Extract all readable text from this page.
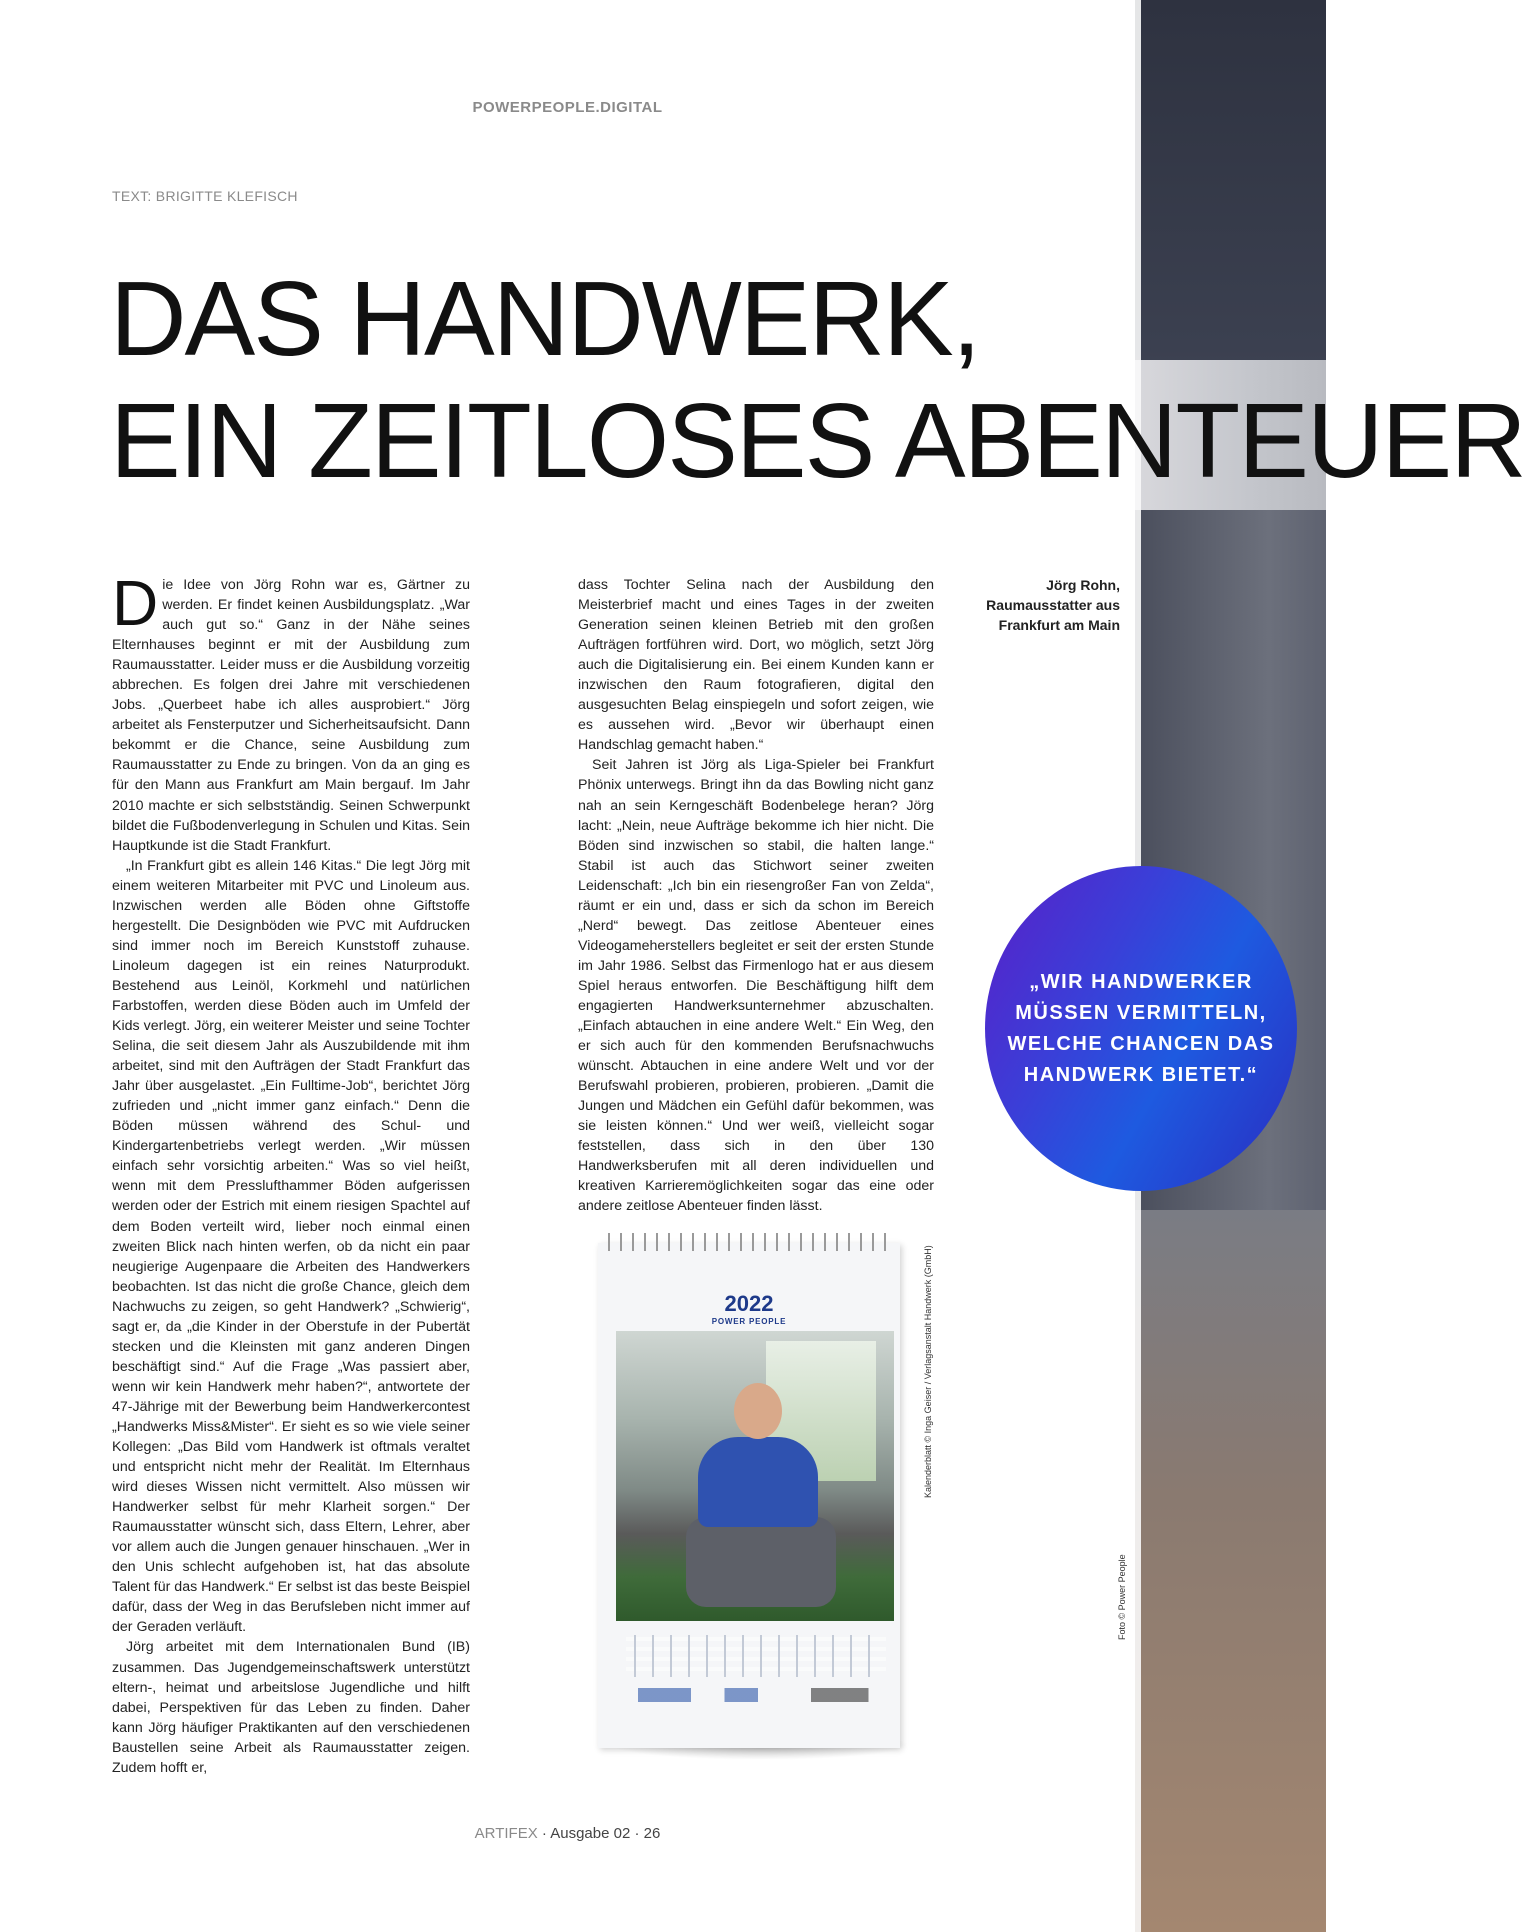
Foto © Power People
POWERPEOPLE.DIGITAL
TEXT: BRIGITTE KLEFISCH
DAS HANDWERK,
EIN ZEITLOSES ABENTEUER

Die Idee von Jörg Rohn war es, Gärtner zu werden. Er findet keinen Ausbildungsplatz. „War auch gut so.“ Ganz in der Nähe seines Elternhauses beginnt er mit der Ausbildung zum Raumausstatter. Leider muss er die Ausbildung vorzeitig abbrechen. Es folgen drei Jahre mit verschiedenen Jobs. „Querbeet habe ich alles ausprobiert.“ Jörg arbeitet als Fensterputzer und Sicherheitsaufsicht. Dann bekommt er die Chance, seine Ausbildung zum Raumausstatter zu Ende zu bringen. Von da an ging es für den Mann aus Frankfurt am Main bergauf. Im Jahr 2010 machte er sich selbstständig. Seinen Schwerpunkt bildet die Fußbodenverlegung in Schulen und Kitas. Sein Hauptkunde ist die Stadt Frankfurt.

„In Frankfurt gibt es allein 146 Kitas.“ Die legt Jörg mit einem weiteren Mitarbeiter mit PVC und Linoleum aus. Inzwischen werden alle Böden ohne Giftstoffe hergestellt. Die Designböden wie PVC mit Aufdrucken sind immer noch im Bereich Kunststoff zuhause. Linoleum dagegen ist ein reines Naturprodukt. Bestehend aus Leinöl, Korkmehl und natürlichen Farbstoffen, werden diese Böden auch im Umfeld der Kids verlegt. Jörg, ein weiterer Meister und seine Tochter Selina, die seit diesem Jahr als Auszubildende mit ihm arbeitet, sind mit den Aufträgen der Stadt Frankfurt das Jahr über ausgelastet. „Ein Fulltime-Job“, berichtet Jörg zufrieden und „nicht immer ganz einfach.“ Denn die Böden müssen während des Schul- und Kindergartenbetriebs verlegt werden. „Wir müssen einfach sehr vorsichtig arbeiten.“ Was so viel heißt, wenn mit dem Presslufthammer Böden aufgerissen werden oder der Estrich mit einem riesigen Spachtel auf dem Boden verteilt wird, lieber noch einmal einen zweiten Blick nach hinten werfen, ob da nicht ein paar neugierige Augenpaare die Arbeiten des Handwerkers beobachten. Ist das nicht die große Chance, gleich dem Nachwuchs zu zeigen, so geht Handwerk? „Schwierig“, sagt er, da „die Kinder in der Oberstufe in der Pubertät stecken und die Kleinsten mit ganz anderen Dingen beschäftigt sind.“ Auf die Frage „Was passiert aber, wenn wir kein Handwerk mehr haben?“, antwortete der 47-Jährige mit der Bewerbung beim Handwerkercontest „Handwerks Miss&Mister“. Er sieht es so wie viele seiner Kollegen: „Das Bild vom Handwerk ist oftmals veraltet und entspricht nicht mehr der Realität. Im Elternhaus wird dieses Wissen nicht vermittelt. Also müssen wir Handwerker selbst für mehr Klarheit sorgen.“ Der Raumausstatter wünscht sich, dass Eltern, Lehrer, aber vor allem auch die Jungen genauer hinschauen. „Wer in den Unis schlecht aufgehoben ist, hat das absolute Talent für das Handwerk.“ Er selbst ist das beste Beispiel dafür, dass der Weg in das Berufsleben nicht immer auf der Geraden verläuft.

Jörg arbeitet mit dem Internationalen Bund (IB) zusammen. Das Jugendgemeinschaftswerk unterstützt eltern-, heimat und arbeitslose Jugendliche und hilft dabei, Perspektiven für das Leben zu finden. Daher kann Jörg häufiger Praktikanten auf den verschiedenen Baustellen seine Arbeit als Raumausstatter zeigen. Zudem hofft er,

dass Tochter Selina nach der Ausbildung den Meisterbrief macht und eines Tages in der zweiten Generation seinen kleinen Betrieb mit den großen Aufträgen fortführen wird. Dort, wo möglich, setzt Jörg auch die Digitalisierung ein. Bei einem Kunden kann er inzwischen den Raum fotografieren, digital den ausgesuchten Belag einspiegeln und sofort zeigen, wie es aussehen wird. „Bevor wir überhaupt einen Handschlag gemacht haben.“

Seit Jahren ist Jörg als Liga-Spieler bei Frankfurt Phönix unterwegs. Bringt ihn da das Bowling nicht ganz nah an sein Kerngeschäft Bodenbelege heran? Jörg lacht: „Nein, neue Aufträge bekomme ich hier nicht. Die Böden sind inzwischen so stabil, die halten lange.“ Stabil ist auch das Stichwort seiner zweiten Leidenschaft: „Ich bin ein riesengroßer Fan von Zelda“, räumt er ein und, dass er sich da schon im Bereich „Nerd“ bewegt. Das zeitlose Abenteuer eines Videogameherstellers begleitet er seit der ersten Stunde im Jahr 1986. Selbst das Firmenlogo hat er aus diesem Spiel heraus entworfen. Die Beschäftigung hilft dem engagierten Handwerksunternehmer abzuschalten. „Einfach abtauchen in eine andere Welt.“ Ein Weg, den er sich auch für den kommenden Berufsnachwuchs wünscht. Abtauchen in eine andere Welt und vor der Berufswahl probieren, probieren, probieren. „Damit die Jungen und Mädchen ein Gefühl dafür bekommen, was sie leisten können.“ Und wer weiß, vielleicht sogar feststellen, dass sich in den über 130 Handwerksberufen mit all deren individuellen und kreativen Karrieremöglichkeiten sogar das eine oder andere zeitlose Abenteuer finden lässt.

Jörg Rohn,
Raumausstatter aus
Frankfurt am Main
„WIR HANDWERKER MÜSSEN VERMITTELN, WELCHE CHANCEN DAS HANDWERK BIETET.“
2022
POWER PEOPLE	Kalenderblatt © Inga Geiser / Verlagsanstalt Handwerk (GmbH)
ARTIFEX · Ausgabe 02 · 26
